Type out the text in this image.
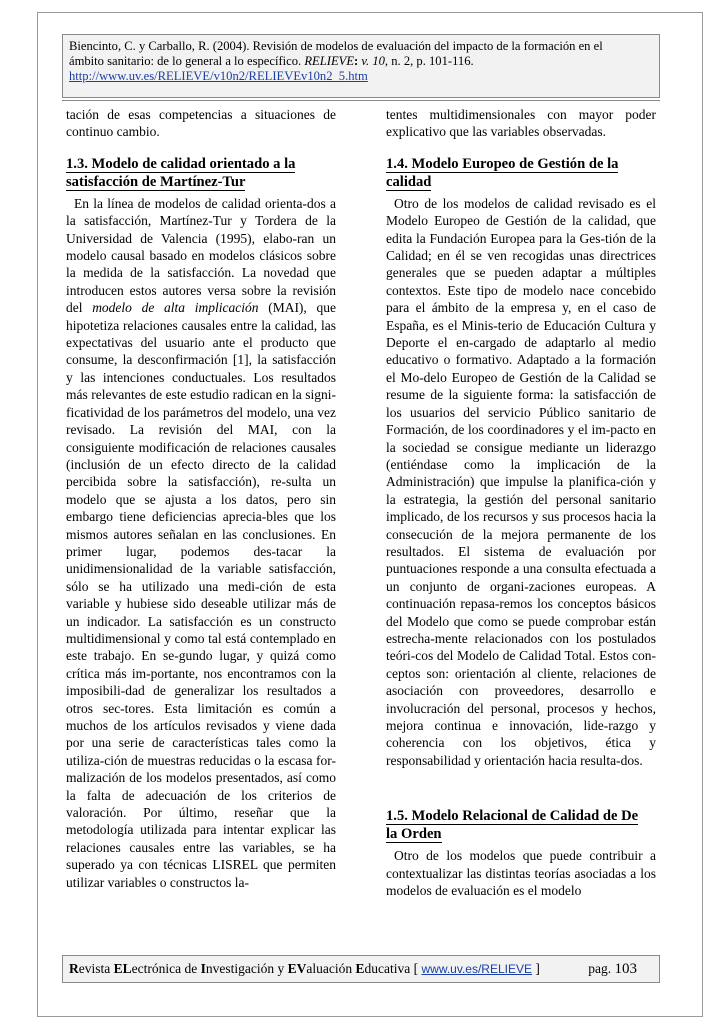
Biencinto, C. y Carballo, R. (2004). Revisión de modelos de evaluación del impacto de la formación en el
ámbito sanitario: de lo general a lo específico. RELIEVE: v. 10, n. 2, p. 101-116.
http://www.uv.es/RELIEVE/v10n2/RELIEVEv10n2_5.htm

tación de esas competencias a situaciones de continuo cambio.

1.3. Modelo de calidad orientado a la
satisfacción de Martínez-Tur

En la línea de modelos de calidad orienta-dos a la satisfacción, Martínez-Tur y Tordera de la Universidad de Valencia (1995), elabo-ran un modelo causal basado en modelos clásicos sobre la medida de la satisfacción. La novedad que introducen estos autores versa sobre la revisión del modelo de alta implicación (MAI), que hipotetiza relaciones causales entre la calidad, las expectativas del usuario ante el producto que consume, la desconfirmación [1], la satisfacción y las intenciones conductuales. Los resultados más relevantes de este estudio radican en la signi-ficatividad de los parámetros del modelo, una vez revisado. La revisión del MAI, con la consiguiente modificación de relaciones causales (inclusión de un efecto directo de la calidad percibida sobre la satisfacción), re-sulta un modelo que se ajusta a los datos, pero sin embargo tiene deficiencias aprecia-bles que los mismos autores señalan en las conclusiones. En primer lugar, podemos des-tacar la unidimensionalidad de la variable satisfacción, sólo se ha utilizado una medi-ción de esta variable y hubiese sido deseable utilizar más de un indicador. La satisfacción es un constructo multidimensional y como tal está contemplado en este trabajo. En se-gundo lugar, y quizá como crítica más im-portante, nos encontramos con la imposibili-dad de generalizar los resultados a otros sec-tores. Esta limitación es común a muchos de los artículos revisados y viene dada por una serie de características tales como la utiliza-ción de muestras reducidas o la escasa for-malización de los modelos presentados, así como la falta de adecuación de los criterios de valoración. Por último, reseñar que la metodología utilizada para intentar explicar las relaciones causales entre las variables, se ha superado ya con técnicas LISREL que permiten utilizar variables o constructos la-

tentes multidimensionales con mayor poder explicativo que las variables observadas.

1.4. Modelo Europeo de Gestión de la
calidad

Otro de los modelos de calidad revisado es el Modelo Europeo de Gestión de la calidad, que edita la Fundación Europea para la Ges-tión de la Calidad; en él se ven recogidas unas directrices generales que se pueden adaptar a múltiples contextos. Este tipo de modelo nace concebido para el ámbito de la empresa y, en el caso de España, es el Minis-terio de Educación Cultura y Deporte el en-cargado de adaptarlo al medio educativo o formativo. Adaptado a la formación el Mo-delo Europeo de Gestión de la Calidad se resume de la siguiente forma: la satisfacción de los usuarios del servicio Público sanitario de Formación, de los coordinadores y el im-pacto en la sociedad se consigue mediante un liderazgo (entiéndase como la implicación de la Administración) que impulse la planifica-ción y la estrategia, la gestión del personal sanitario implicado, de los recursos y sus procesos hacia la consecución de la mejora permanente de los resultados. El sistema de evaluación por puntuaciones responde a una consulta efectuada a un conjunto de organi-zaciones europeas. A continuación repasa-remos los conceptos básicos del Modelo que como se puede comprobar están estrecha-mente relacionados con los postulados teóri-cos del Modelo de Calidad Total. Estos con-ceptos son: orientación al cliente, relaciones de asociación con proveedores, desarrollo e involucración del personal, procesos y hechos, mejora continua e innovación, lide-razgo y coherencia con los objetivos, ética y responsabilidad y orientación hacia resulta-dos.

1.5. Modelo Relacional de Calidad de De
la Orden

Otro de los modelos que puede contribuir a contextualizar las distintas teorías asociadas a los modelos de evaluación es el modelo

Revista ELectrónica de Investigación y EValuación Educativa [ www.uv.es/RELIEVE ]	pag. 103
